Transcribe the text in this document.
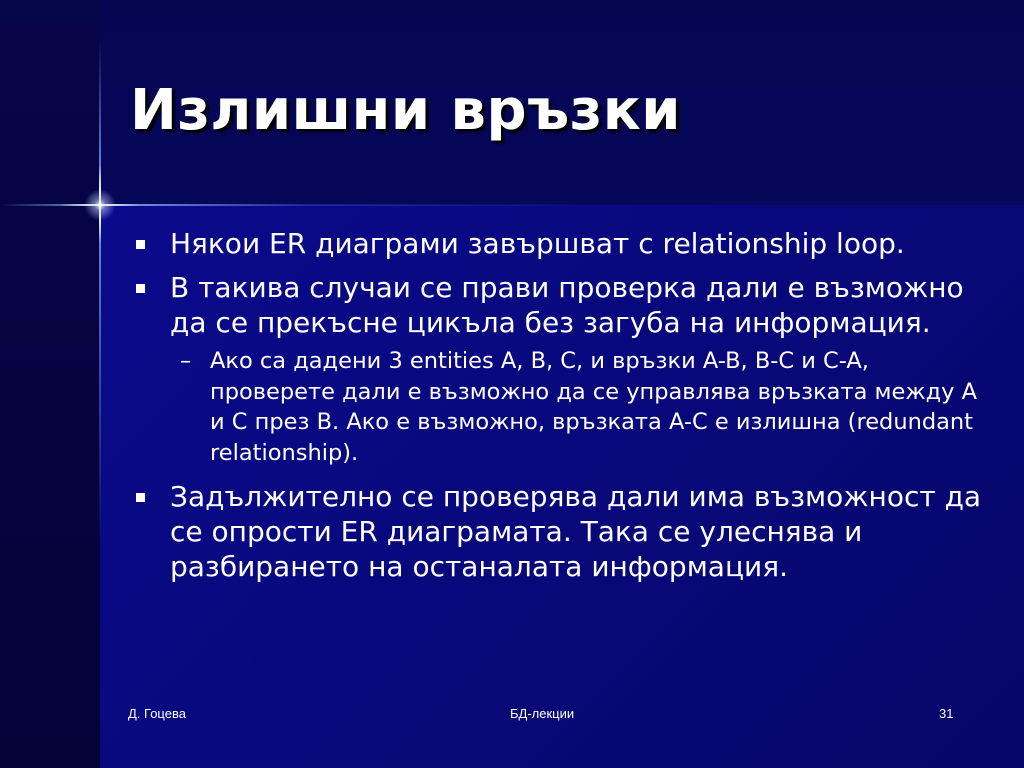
Излишни връзки
Някои ER диаграми завършват с relationship loop.
В такива случаи се прави проверка дали е възможно да се прекъсне цикъла без загуба на информация.
– Ако са дадени 3 entities A, B, C, и връзки A-B, B-C и C-A, проверете дали е възможно да се управлява връзката между A и C през B. Ако е възможно, връзката A-C е излишна (redundant relationship).
Задължително се проверява дали има възможност да се опрости ER диаграмата. Така се улеснява и разбирането на останалата информация.
Д. Гоцева	БД-лекции	31
